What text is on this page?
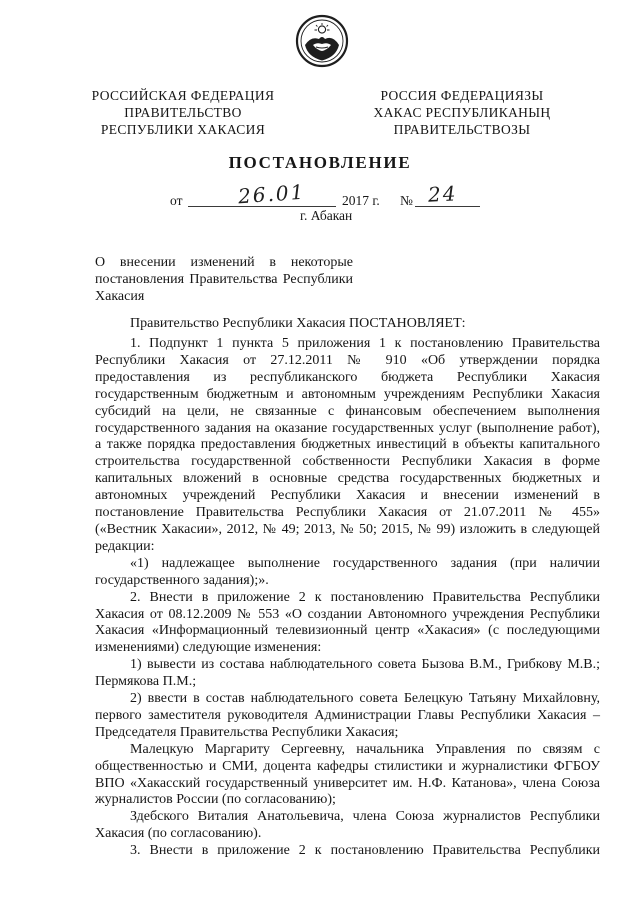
РОССИЙСКАЯ ФЕДЕРАЦИЯ
ПРАВИТЕЛЬСТВО
РЕСПУБЛИКИ ХАКАСИЯ
РОССИЯ ФЕДЕРАЦИЯЗЫ
ХАКАС РЕСПУБЛИКАНЫҢ
ПРАВИТЕЛЬСТВОЗЫ
ПОСТАНОВЛЕНИЕ
от	26.01	2017 г. № 24
г. Абакан
О внесении изменений в некоторые
постановления Правительства Республики
Хакасия
Правительство Республики Хакасия ПОСТАНОВЛЯЕТ:
1. Подпункт 1 пункта 5 приложения 1 к постановлению Правительства
Республики Хакасия от 27.12.2011 № 910 «Об утверждении порядка
предоставления из республиканского бюджета Республики Хакасия
государственным бюджетным и автономным учреждениям Республики Хакасия
субсидий на цели, не связанные с финансовым обеспечением выполнения
государственного задания на оказание государственных услуг (выполнение работ),
а также порядка предоставления бюджетных инвестиций в объекты капитального
строительства государственной собственности Республики Хакасия в форме
капитальных вложений в основные средства государственных бюджетных и
автономных учреждений Республики Хакасия и внесении изменений в
постановление Правительства Республики Хакасия от 21.07.2011 № 455»
(«Вестник Хакасии», 2012, № 49; 2013, № 50; 2015, № 99) изложить в следующей
редакции:
«1) надлежащее выполнение государственного задания (при наличии
государственного задания);».
2. Внести в приложение 2 к постановлению Правительства Республики
Хакасия от 08.12.2009 № 553 «О создании Автономного учреждения Республики
Хакасия «Информационный телевизионный центр «Хакасия» (с последующими
изменениями) следующие изменения:
1) вывести из состава наблюдательного совета Бызова В.М., Грибкову М.В.;
Пермякова П.М.;
2) ввести в состав наблюдательного совета Белецкую Татьяну Михайловну,
первого заместителя руководителя Администрации Главы Республики Хакасия –
Председателя Правительства Республики Хакасия;
Малецкую Маргариту Сергеевну, начальника Управления по связям с
общественностью и СМИ, доцента кафедры стилистики и журналистики ФГБОУ
ВПО «Хакасский государственный университет им. Н.Ф. Катанова», члена Союза
журналистов России (по согласованию);
Здебского Виталия Анатольевича, члена Союза журналистов Республики
Хакасия (по согласованию).
3. Внести в приложение 2 к постановлению Правительства Республики
